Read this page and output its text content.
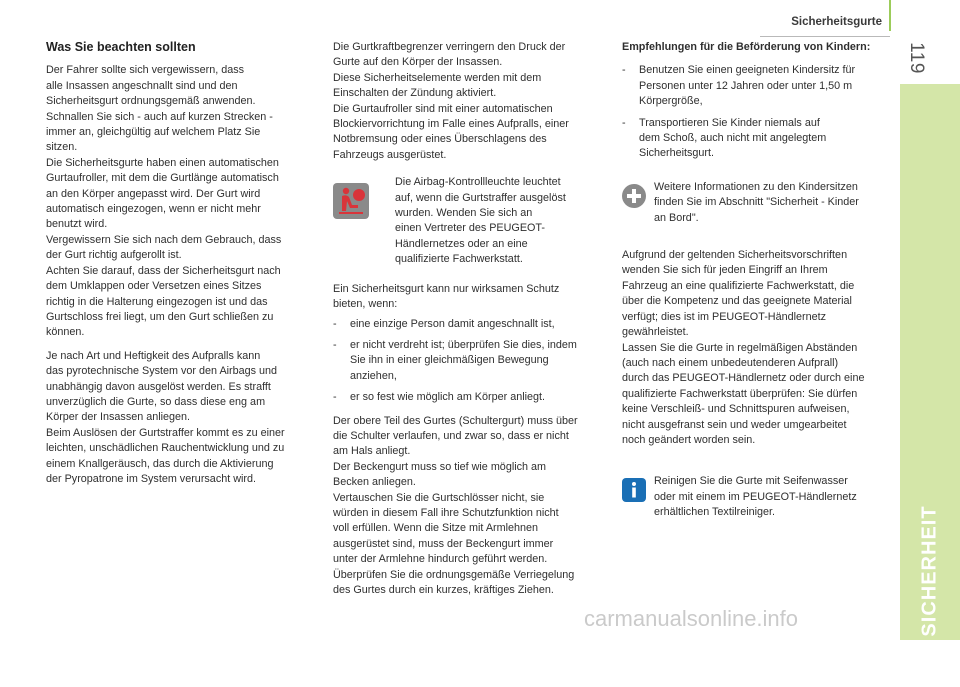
Sicherheitsgurte
119
SICHERHEIT
6
Was Sie beachten sollten

Der Fahrer sollte sich vergewissern, dass
alle Insassen angeschnallt sind und den
Sicherheitsgurt ordnungsgemäß anwenden.
Schnallen Sie sich - auch auf kurzen Strecken -
immer an, gleichgültig auf welchem Platz Sie
sitzen.
Die Sicherheitsgurte haben einen automatischen
Gurtaufroller, mit dem die Gurtlänge automatisch
an den Körper angepasst wird. Der Gurt wird
automatisch eingezogen, wenn er nicht mehr
benutzt wird.
Vergewissern Sie sich nach dem Gebrauch, dass
der Gurt richtig aufgerollt ist.
Achten Sie darauf, dass der Sicherheitsgurt nach
dem Umklappen oder Versetzen eines Sitzes
richtig in die Halterung eingezogen ist und das
Gurtschloss frei liegt, um den Gurt schließen zu
können.

Je nach Art und Heftigkeit des Aufpralls kann
das pyrotechnische System vor den Airbags und
unabhängig davon ausgelöst werden. Es strafft
unverzüglich die Gurte, so dass diese eng am
Körper der Insassen anliegen.
Beim Auslösen der Gurtstraffer kommt es zu einer
leichten, unschädlichen Rauchentwicklung und zu
einem Knallgeräusch, das durch die Aktivierung
der Pyropatrone im System verursacht wird.

Die Gurtkraftbegrenzer verringern den Druck der
Gurte auf den Körper der Insassen.
Diese Sicherheitselemente werden mit dem
Einschalten der Zündung aktiviert.
Die Gurtaufroller sind mit einer automatischen
Blockiervorrichtung im Falle eines Aufpralls, einer
Notbremsung oder eines Überschlagens des
Fahrzeugs ausgerüstet.

Die Airbag-Kontrollleuchte leuchtet
auf, wenn die Gurtstraffer ausgelöst
wurden. Wenden Sie sich an
einen Vertreter des PEUGEOT-
Händlernetzes oder an eine
qualifizierte Fachwerkstatt.

Ein Sicherheitsgurt kann nur wirksamen Schutz
bieten, wenn:

- eine einzige Person damit angeschnallt ist,
- er nicht verdreht ist; überprüfen Sie dies, indem
Sie ihn in einer gleichmäßigen Bewegung
anziehen,
- er so fest wie möglich am Körper anliegt.

Der obere Teil des Gurtes (Schultergurt) muss über
die Schulter verlaufen, und zwar so, dass er nicht
am Hals anliegt.
Der Beckengurt muss so tief wie möglich am
Becken anliegen.
Vertauschen Sie die Gurtschlösser nicht, sie
würden in diesem Fall ihre Schutzfunktion nicht
voll erfüllen. Wenn die Sitze mit Armlehnen
ausgerüstet sind, muss der Beckengurt immer
unter der Armlehne hindurch geführt werden.
Überprüfen Sie die ordnungsgemäße Verriegelung
des Gurtes durch ein kurzes, kräftiges Ziehen.

Empfehlungen für die Beförderung von Kindern:
- Benutzen Sie einen geeigneten Kindersitz für
Personen unter 12 Jahren oder unter 1,50 m
Körpergröße,
- Transportieren Sie Kinder niemals auf
dem Schoß, auch nicht mit angelegtem
Sicherheitsgurt.

Weitere Informationen zu den Kindersitzen
finden Sie im Abschnitt "Sicherheit - Kinder
an Bord".

Aufgrund der geltenden Sicherheitsvorschriften
wenden Sie sich für jeden Eingriff an Ihrem
Fahrzeug an eine qualifizierte Fachwerkstatt, die
über die Kompetenz und das geeignete Material
verfügt; dies ist im PEUGEOT-Händlernetz
gewährleistet.
Lassen Sie die Gurte in regelmäßigen Abständen
(auch nach einem unbedeutenderen Aufprall)
durch das PEUGEOT-Händlernetz oder durch eine
qualifizierte Fachwerkstatt überprüfen: Sie dürfen
keine Verschleiß- und Schnittspuren aufweisen,
nicht ausgefranst sein und weder umgearbeitet
noch geändert worden sein.

Reinigen Sie die Gurte mit Seifenwasser
oder mit einem im PEUGEOT-Händlernetz
erhältlichen Textilreiniger.

carmanualsonline.info
